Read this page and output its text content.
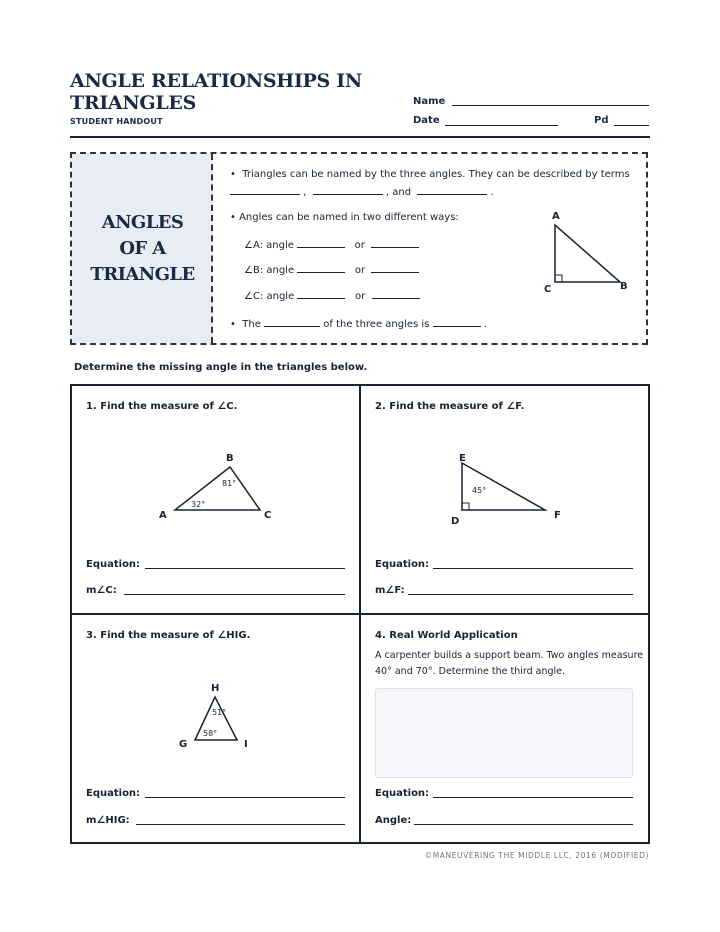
ANGLE RELATIONSHIPS IN TRIANGLES
STUDENT HANDOUT
Name
Date	Pd
ANGLES
OF A
TRIANGLE
• Triangles can be named by the three angles. They can be described by terms
,	, and	.
• Angles can be named in two different ways:
∠A: angle	or
∠B: angle	or
∠C: angle	or
• The	of the three angles is	.
A
C	B
Determine the missing angle in the triangles below.
1. Find the measure of ∠C.
B
A	C
81°
32°
Equation:
m∠C:
2. Find the measure of ∠F.
E
D
F
45°
Equation:
m∠F:
3. Find the measure of ∠HIG.
H
G	I
51°
58°
Equation:
m∠HIG:
4. Real World Application
A carpenter builds a support beam. Two angles measure
40° and 70°. Determine the third angle.
Equation:
Angle:
©MANEUVERING THE MIDDLE LLC, 2016 (MODIFIED)
